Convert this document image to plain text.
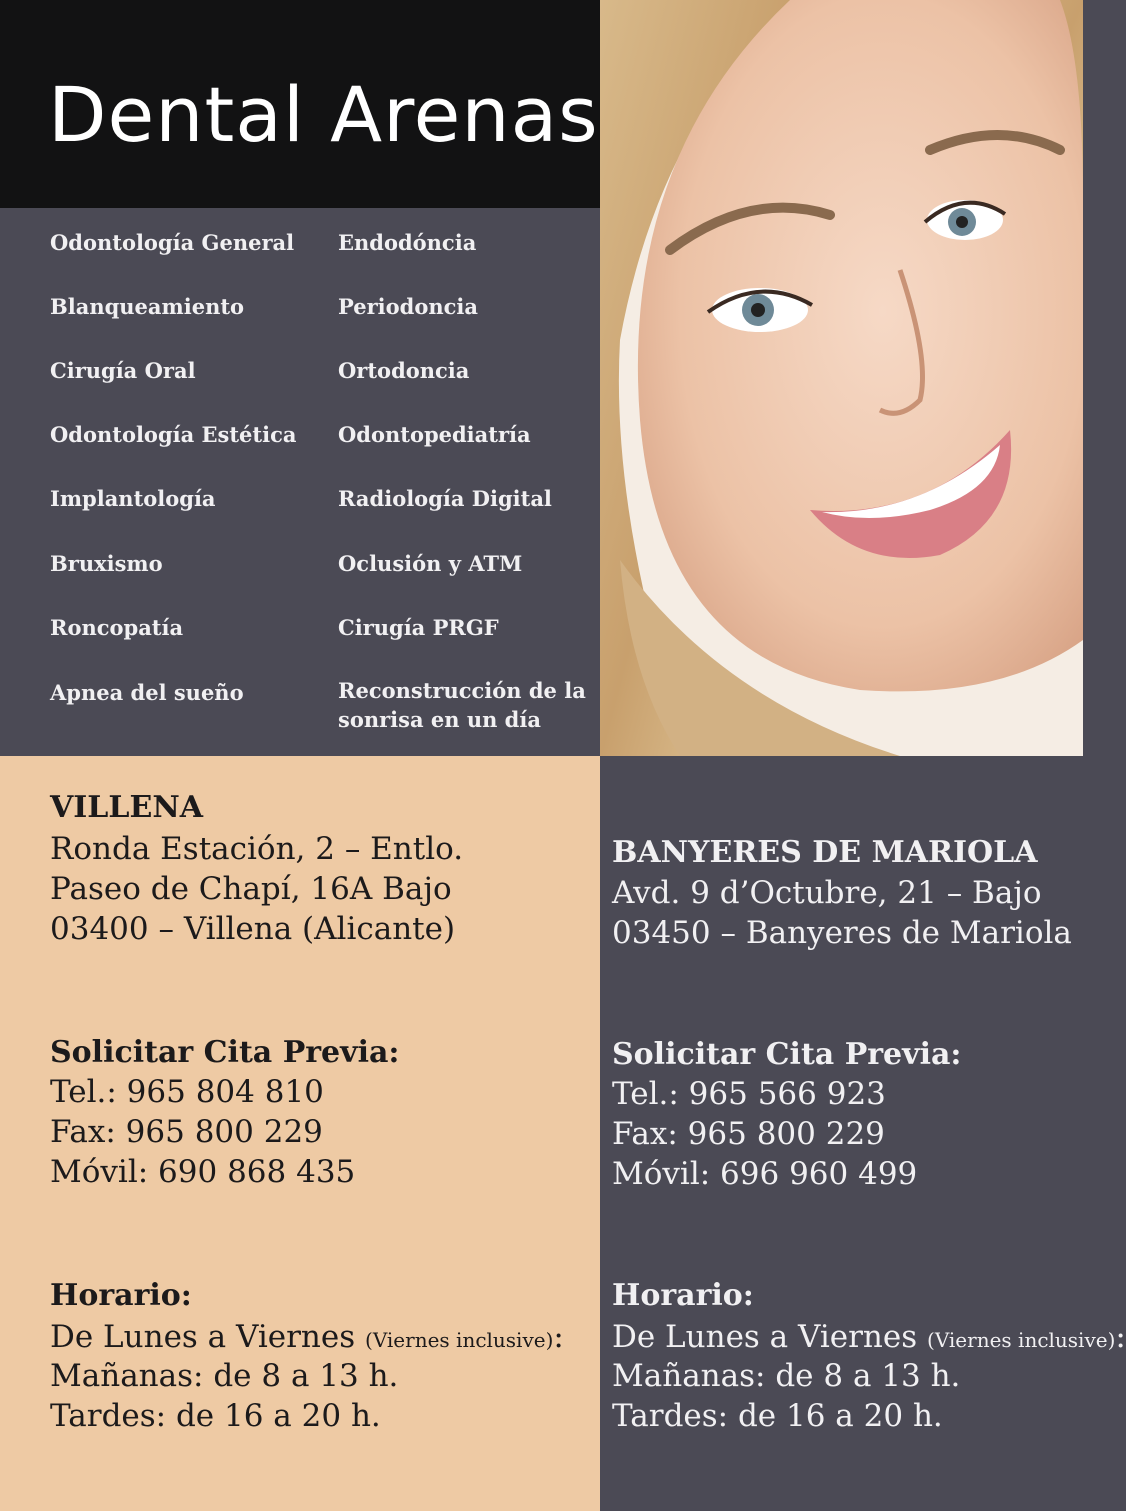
Dental Arenas
Odontología General
Blanqueamiento
Cirugía Oral
Odontología Estética
Implantología
Bruxismo
Roncopatía
Apnea del sueño
Endodóncia
Periodoncia
Ortodoncia
Odontopediatría
Radiología Digital
Oclusión y ATM
Cirugía PRGF
Reconstrucción de la
sonrisa en un día
VILLENA
Ronda Estación, 2 – Entlo.
Paseo de Chapí, 16A Bajo
03400 – Villena (Alicante)
Solicitar Cita Previa:
Tel.: 965 804 810
Fax: 965 800 229
Móvil: 690 868 435
Horario:
De Lunes a Viernes (Viernes inclusive):
Mañanas: de 8 a 13 h.
Tardes: de 16 a 20 h.
BANYERES DE MARIOLA
Avd. 9 d’Octubre, 21 – Bajo
03450 – Banyeres de Mariola
Solicitar Cita Previa:
Tel.: 965 566 923
Fax: 965 800 229
Móvil: 696 960 499
Horario:
De Lunes a Viernes (Viernes inclusive):
Mañanas: de 8 a 13 h.
Tardes: de 16 a 20 h.
